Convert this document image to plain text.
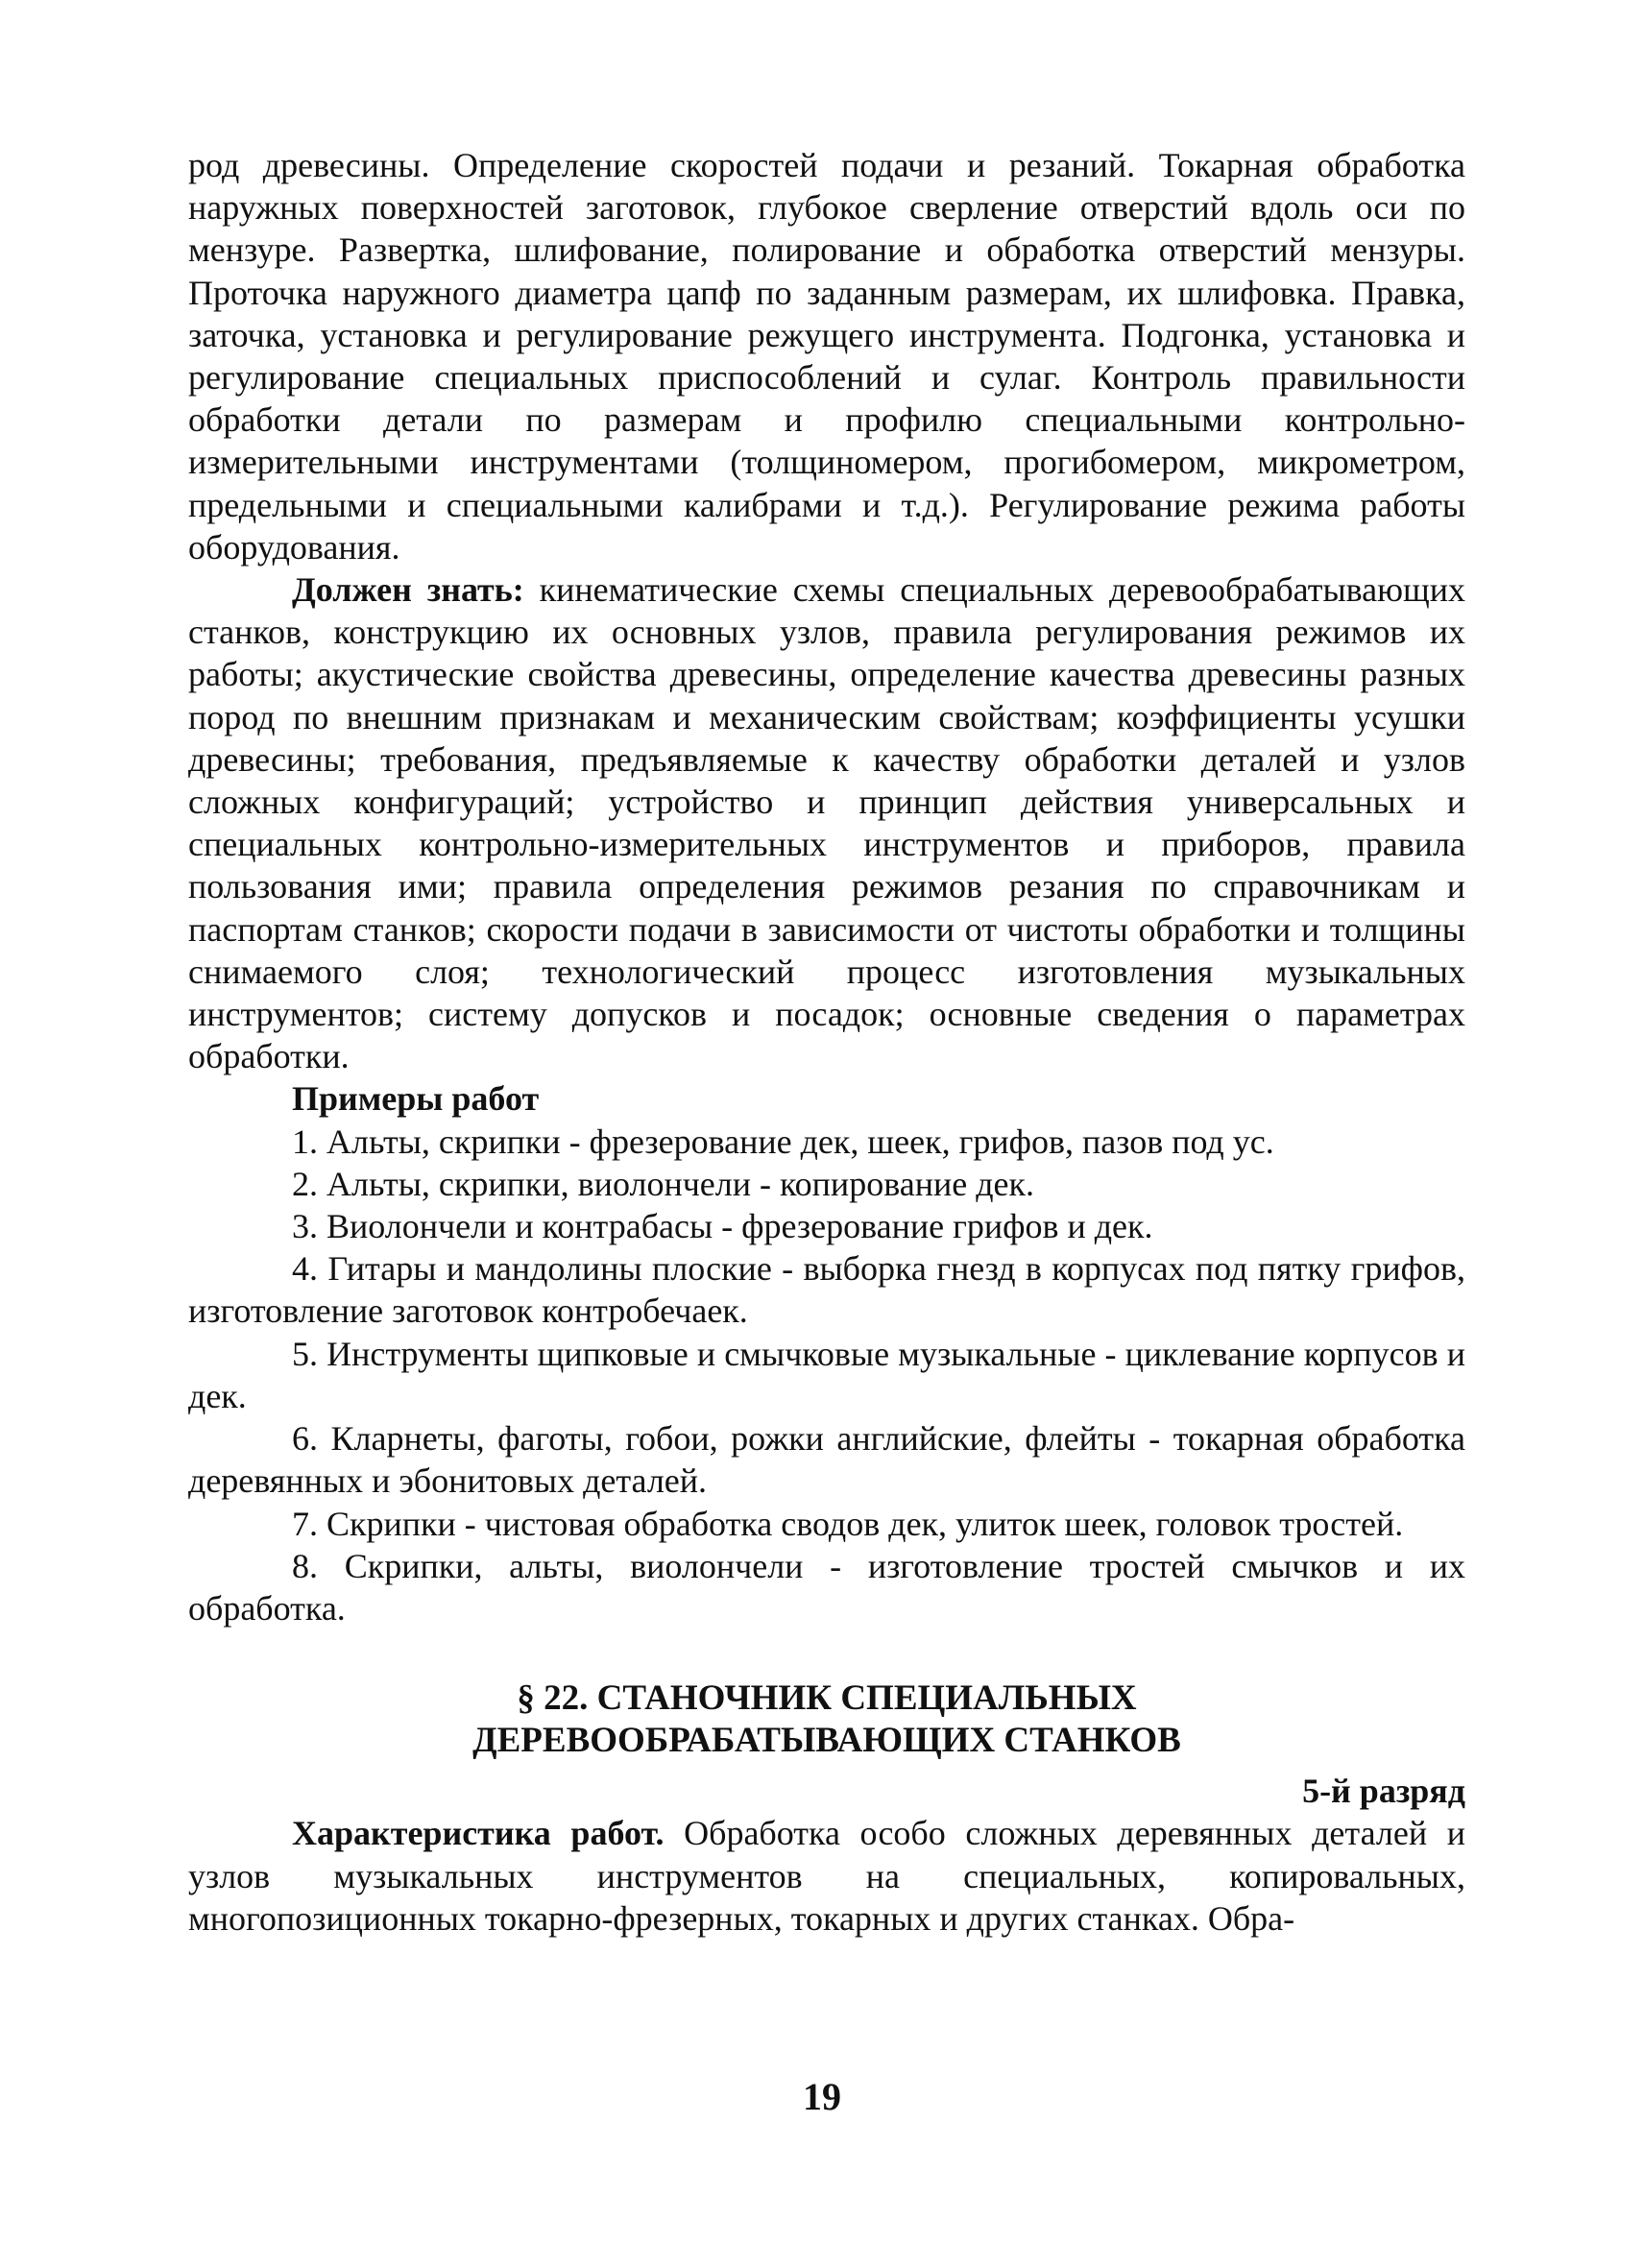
род древесины. Определение скоростей подачи и резаний. Токарная обработка наружных поверхностей заготовок, глубокое сверление отверстий вдоль оси по мензуре. Развертка, шлифование, полирование и обработка отверстий мензуры. Проточка наружного диаметра цапф по заданным размерам, их шлифовка. Правка, заточка, установка и регулирование режущего инструмента. Подгонка, установка и регулирование специальных приспособлений и сулаг. Контроль правильности обработки детали по размерам и профилю специальными контрольно-измерительными инструментами (толщиномером, прогибомером, микрометром, предельными и специальными калибрами и т.д.). Регулирование режима работы оборудования.

Должен знать: кинематические схемы специальных деревообрабатывающих станков, конструкцию их основных узлов, правила регулирования режимов их работы; акустические свойства древесины, определение качества древесины разных пород по внешним признакам и механическим свойствам; коэффициенты усушки древесины; требования, предъявляемые к качеству обработки деталей и узлов сложных конфигураций; устройство и принцип действия универсальных и специальных контрольно-измерительных инструментов и приборов, правила пользования ими; правила определения режимов резания по справочникам и паспортам станков; скорости подачи в зависимости от чистоты обработки и толщины снимаемого слоя; технологический процесс изготовления музыкальных инструментов; систему допусков и посадок; основные сведения о параметрах обработки.

Примеры работ

1. Альты, скрипки - фрезерование дек, шеек, грифов, пазов под ус.

2. Альты, скрипки, виолончели - копирование дек.

3. Виолончели и контрабасы - фрезерование грифов и дек.

4. Гитары и мандолины плоские - выборка гнезд в корпусах под пятку грифов, изготовление заготовок контробечаек.

5. Инструменты щипковые и смычковые музыкальные - циклевание корпусов и дек.

6. Кларнеты, фаготы, гобои, рожки английские, флейты - токарная обработка деревянных и эбонитовых деталей.

7. Скрипки - чистовая обработка сводов дек, улиток шеек, головок тростей.

8. Скрипки, альты, виолончели - изготовление тростей смычков и их обработка.

§ 22. СТАНОЧНИК СПЕЦИАЛЬНЫХ
ДЕРЕВООБРАБАТЫВАЮЩИХ СТАНКОВ

5-й разряд

Характеристика работ. Обработка особо сложных деревянных деталей и узлов музыкальных инструментов на специальных, копировальных, многопозиционных токарно-фрезерных, токарных и других станках. Обра-

19
